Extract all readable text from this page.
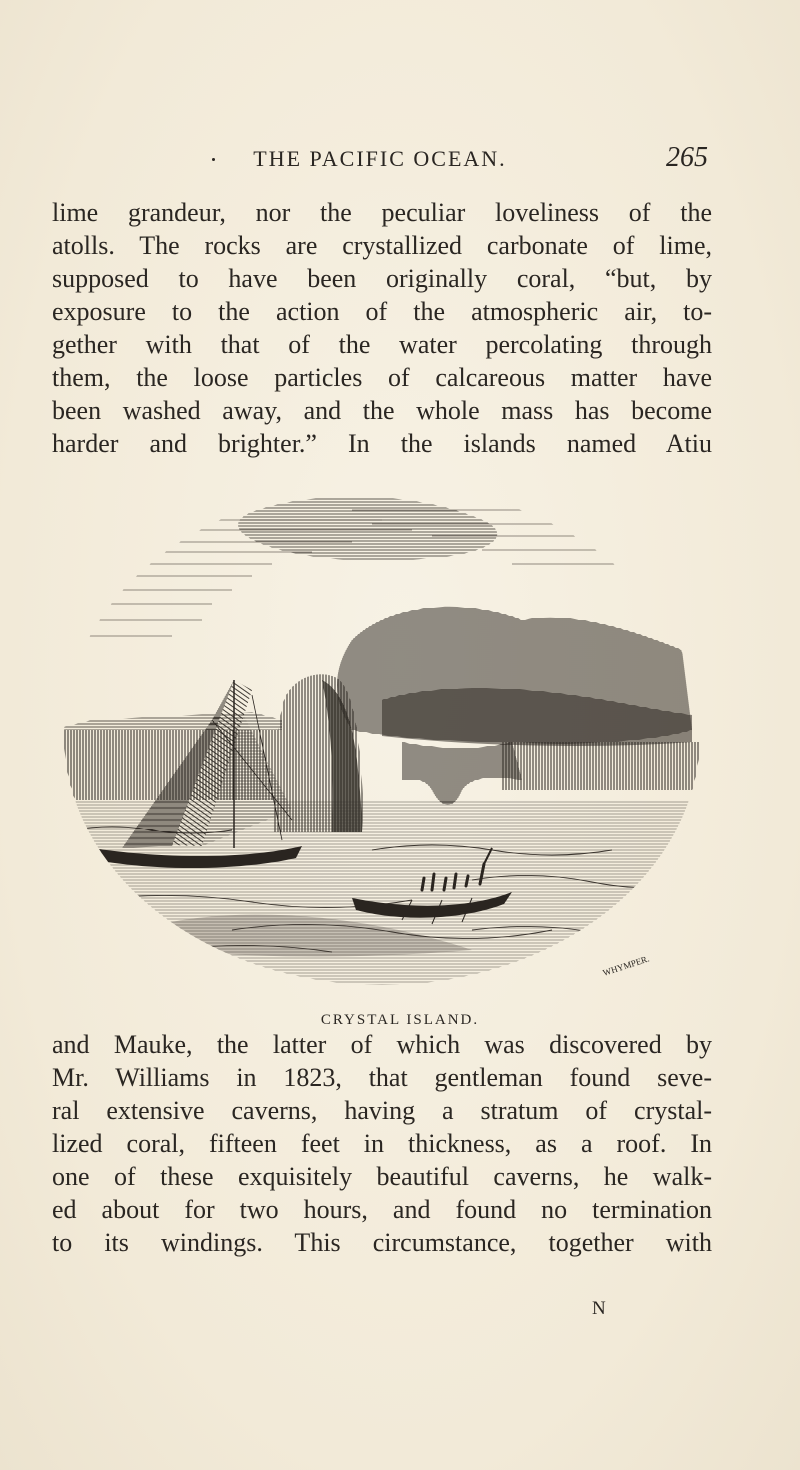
THE PACIFIC OCEAN.	265
lime grandeur, nor the peculiar loveliness of the
atolls. The rocks are crystallized carbonate of lime,
supposed to have been originally coral, “but, by
exposure to the action of the atmospheric air, to-
gether with that of the water percolating through
them, the loose particles of calcareous matter have
been washed away, and the whole mass has become
harder and brighter.” In the islands named Atiu
WHYMPER.
CRYSTAL ISLAND.
and Mauke, the latter of which was discovered by
Mr. Williams in 1823, that gentleman found seve-
ral extensive caverns, having a stratum of crystal-
lized coral, fifteen feet in thickness, as a roof. In
one of these exquisitely beautiful caverns, he walk-
ed about for two hours, and found no termination
to its windings. This circumstance, together with
N
